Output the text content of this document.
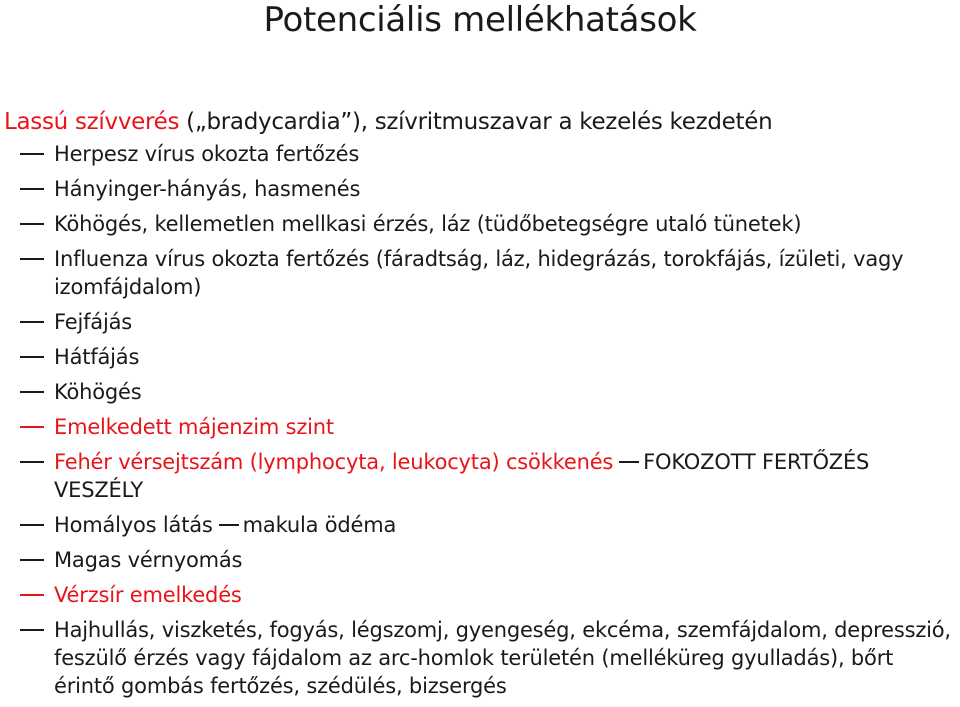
Potenciális mellékhatások
Lassú szívverés („bradycardia”), szívritmuszavar a kezelés kezdetén
Herpesz vírus okozta fertőzés
Hányinger-hányás, hasmenés
Köhögés, kellemetlen mellkasi érzés, láz (tüdőbetegségre utaló tünetek)
Influenza vírus okozta fertőzés (fáradtság, láz, hidegrázás, torokfájás, ízületi, vagy izomfájdalom)
Fejfájás
Hátfájás
Köhögés
Emelkedett májenzim szint
Fehér vérsejtszám (lymphocyta, leukocyta) csökkenés FOKOZOTT FERTŐZÉS VESZÉLY
Homályos látás makula ödéma
Magas vérnyomás
Vérzsír emelkedés
Hajhullás, viszketés, fogyás, légszomj, gyengeség, ekcéma, szemfájdalom, depresszió, feszülő érzés vagy fájdalom az arc-homlok területén (melléküreg gyulladás), bőrt érintő gombás fertőzés, szédülés, bizsergés
